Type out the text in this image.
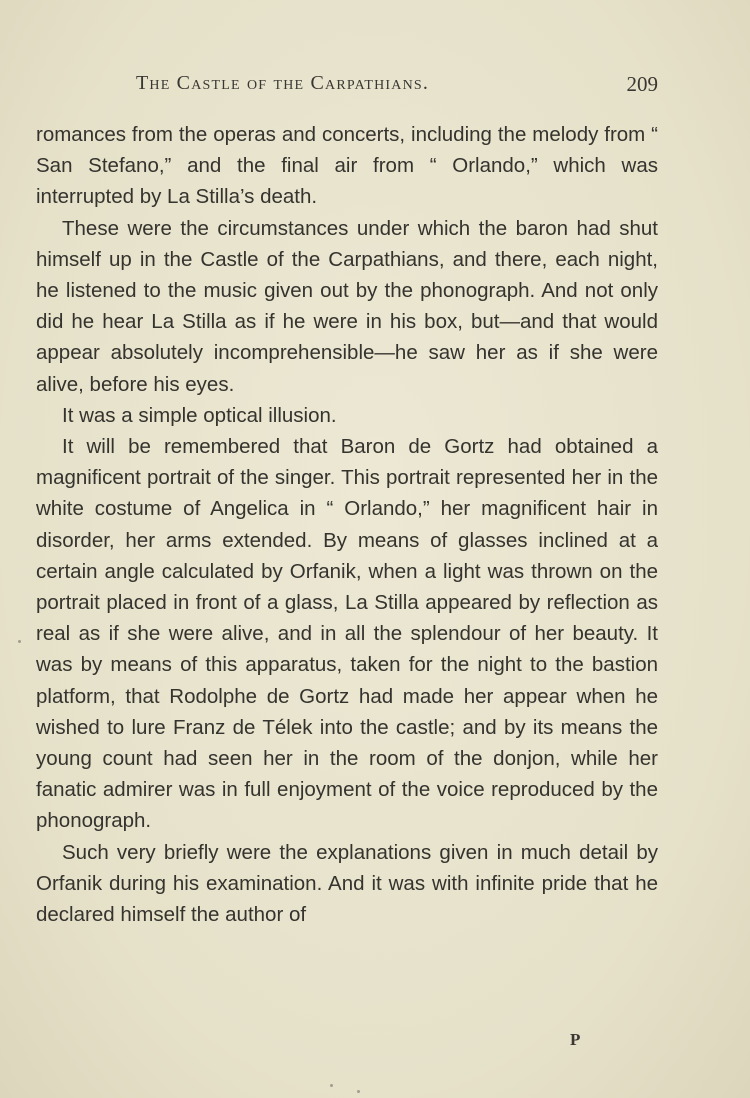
The Castle of the Carpathians.	209

romances from the operas and concerts, including the melody from “ San Stefano,” and the final air from “ Orlando,” which was interrupted by La Stilla’s death.

These were the circumstances under which the baron had shut himself up in the Castle of the Carpathians, and there, each night, he listened to the music given out by the phonograph. And not only did he hear La Stilla as if he were in his box, but—and that would appear absolutely incomprehensible—he saw her as if she were alive, before his eyes.

It was a simple optical illusion.

It will be remembered that Baron de Gortz had obtained a magnificent portrait of the singer. This portrait represented her in the white costume of Angelica in “ Orlando,” her magnificent hair in disorder, her arms extended. By means of glasses inclined at a certain angle calculated by Orfanik, when a light was thrown on the portrait placed in front of a glass, La Stilla appeared by reflection as real as if she were alive, and in all the splendour of her beauty. It was by means of this apparatus, taken for the night to the bastion platform, that Rodolphe de Gortz had made her appear when he wished to lure Franz de Télek into the castle; and by its means the young count had seen her in the room of the donjon, while her fanatic admirer was in full enjoyment of the voice reproduced by the phonograph.

Such very briefly were the explanations given in much detail by Orfanik during his examination. And it was with infinite pride that he declared himself the author of

P
